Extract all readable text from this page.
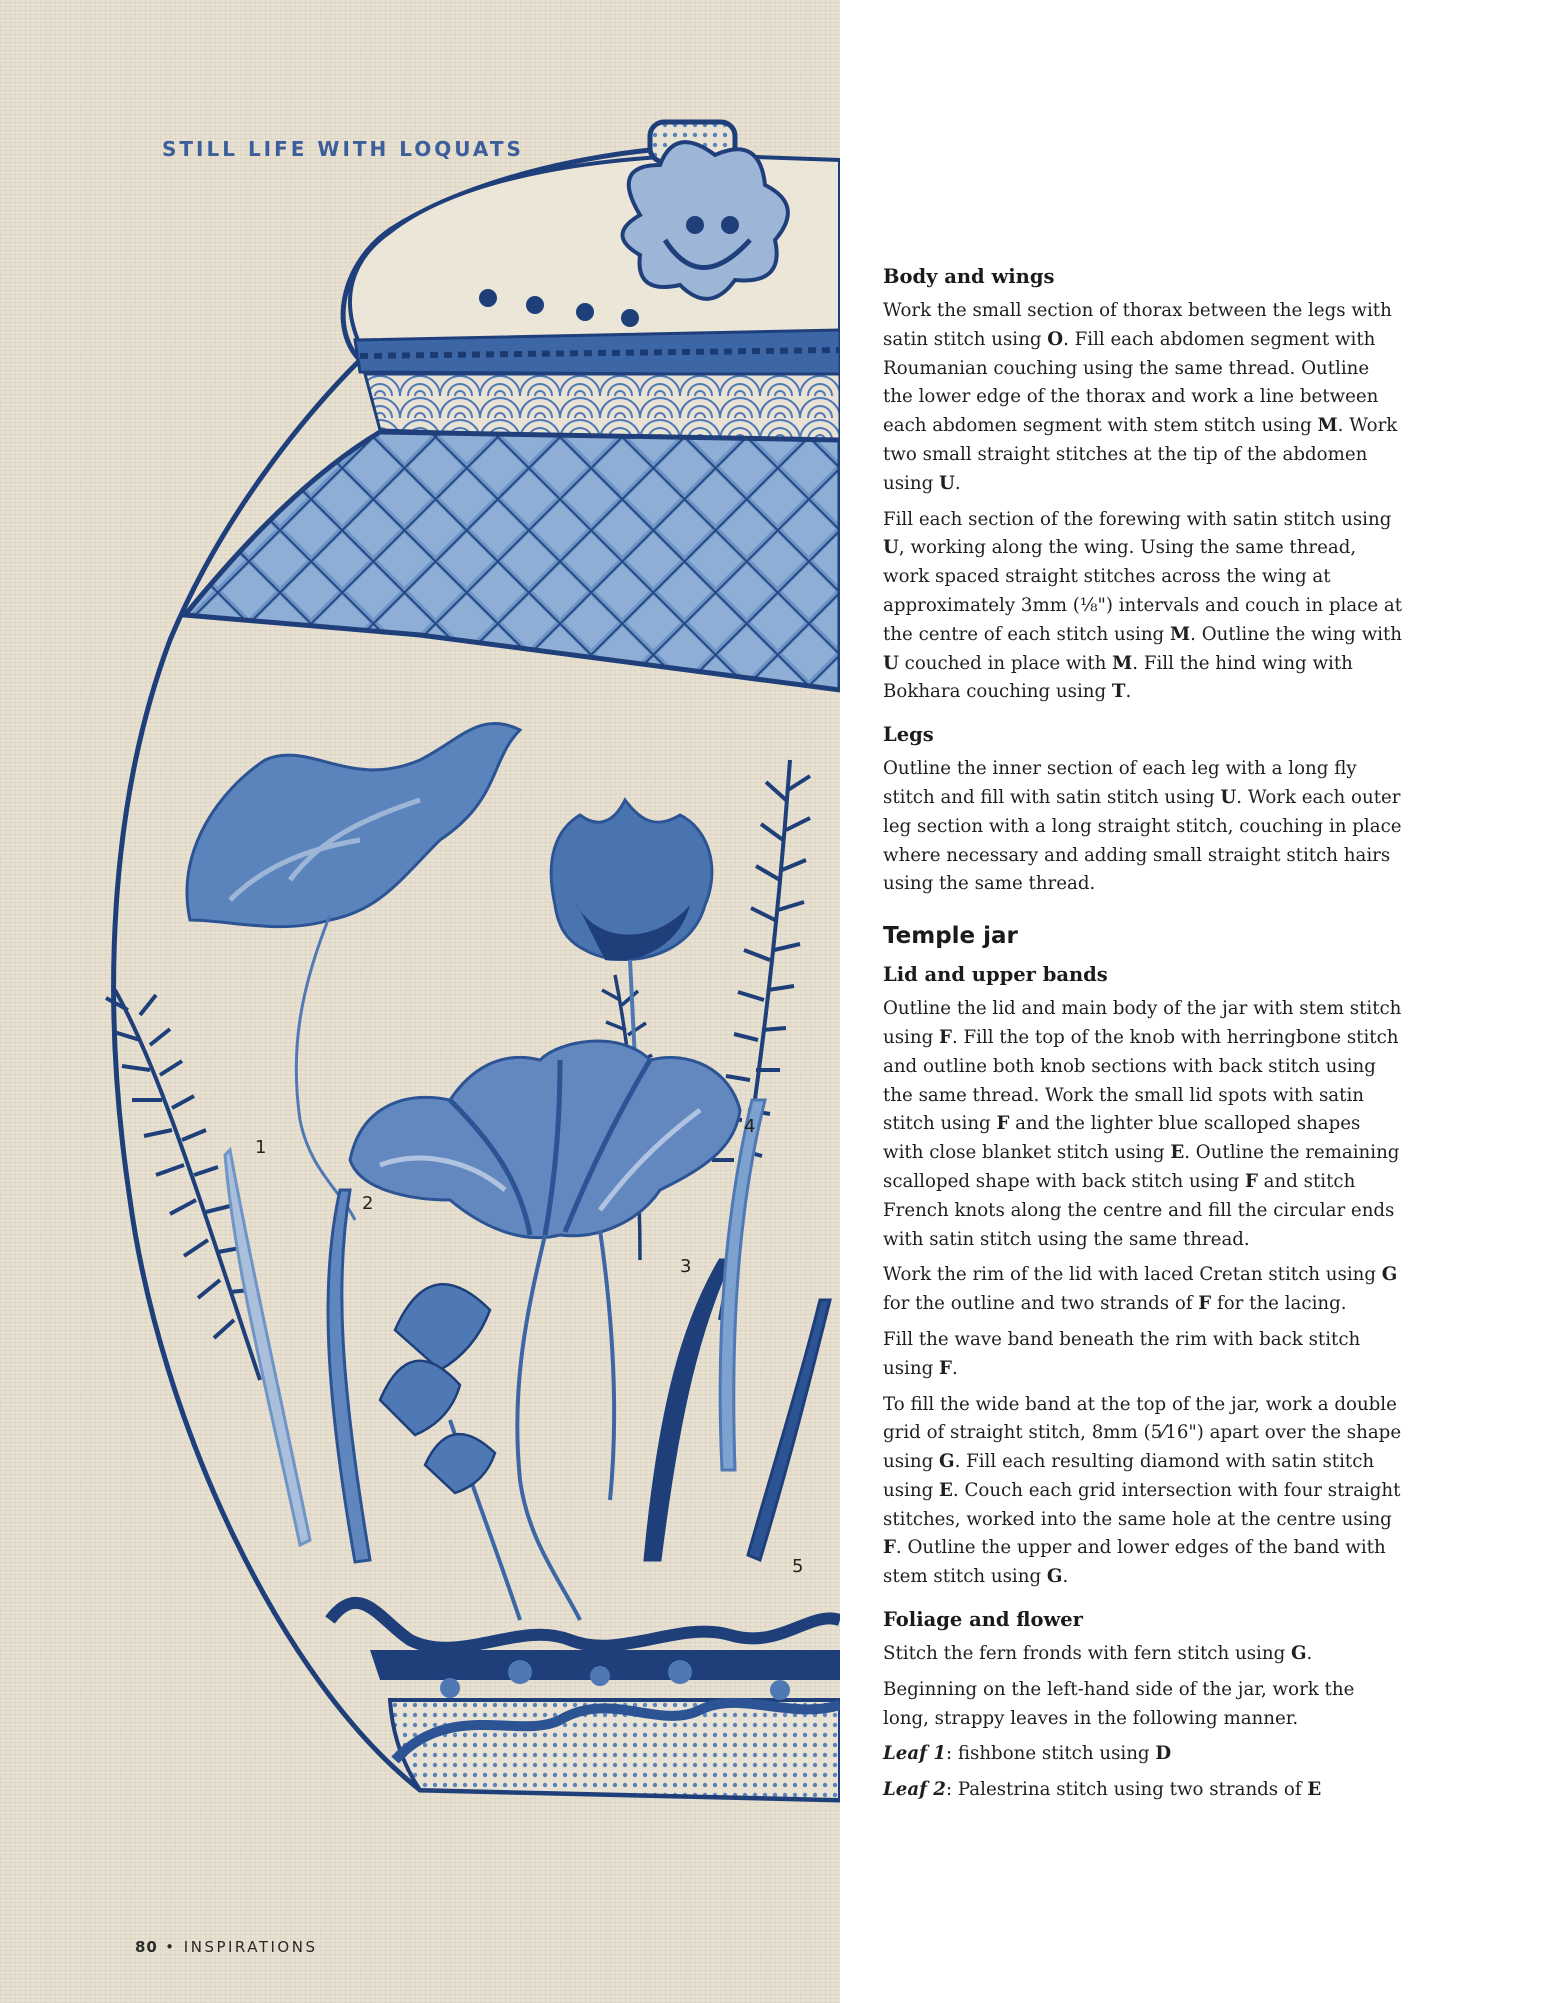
STILL LIFE WITH LOQUATS
1
2
3
4
5
80 • INSPIRATIONS
Body and wings

Work the small section of thorax between the legs with satin stitch using O. Fill each abdomen segment with Roumanian couching using the same thread. Outline the lower edge of the thorax and work a line between each abdomen segment with stem stitch using M. Work two small straight stitches at the tip of the abdomen using U.

Fill each section of the forewing with satin stitch using U, working along the wing. Using the same thread, work spaced straight stitches across the wing at approximately 3mm (⅛") intervals and couch in place at the centre of each stitch using M. Outline the wing with U couched in place with M. Fill the hind wing with Bokhara couching using T.

Legs

Outline the inner section of each leg with a long fly stitch and fill with satin stitch using U. Work each outer leg section with a long straight stitch, couching in place where necessary and adding small straight stitch hairs using the same thread.

Temple jar
Lid and upper bands

Outline the lid and main body of the jar with stem stitch using F. Fill the top of the knob with herringbone stitch and outline both knob sections with back stitch using the same thread. Work the small lid spots with satin stitch using F and the lighter blue scalloped shapes with close blanket stitch using E. Outline the remaining scalloped shape with back stitch using F and stitch French knots along the centre and fill the circular ends with satin stitch using the same thread.

Work the rim of the lid with laced Cretan stitch using G for the outline and two strands of F for the lacing.

Fill the wave band beneath the rim with back stitch using F.

To fill the wide band at the top of the jar, work a double grid of straight stitch, 8mm (5⁄16") apart over the shape using G. Fill each resulting diamond with satin stitch using E. Couch each grid intersection with four straight stitches, worked into the same hole at the centre using F. Outline the upper and lower edges of the band with stem stitch using G.

Foliage and flower

Stitch the fern fronds with fern stitch using G.

Beginning on the left-hand side of the jar, work the long, strappy leaves in the following manner.

Leaf 1: fishbone stitch using D

Leaf 2: Palestrina stitch using two strands of E
